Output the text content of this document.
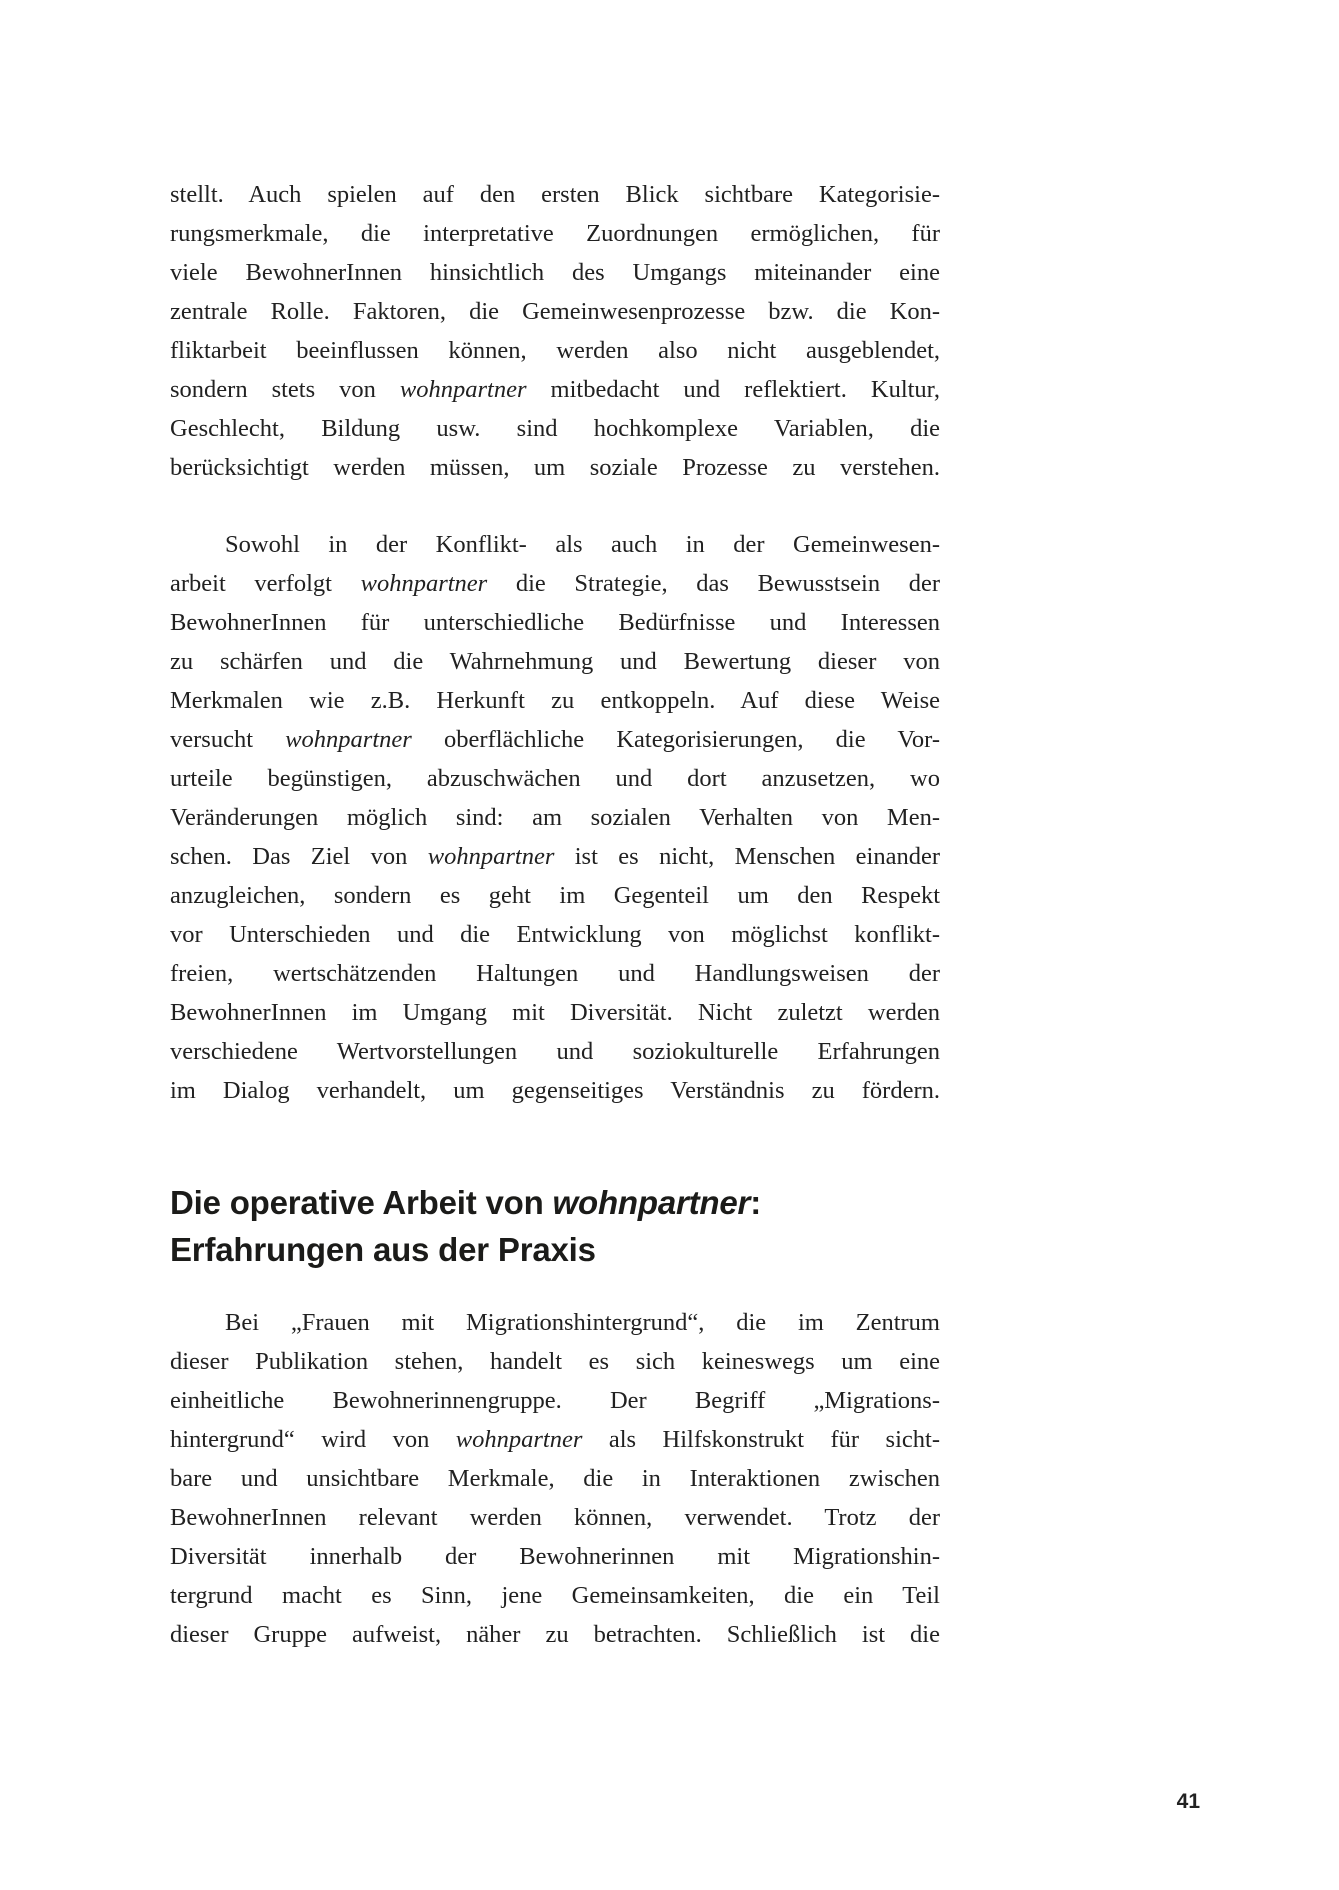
stellt. Auch spielen auf den ersten Blick sichtbare Kategorisie-
rungsmerkmale, die interpretative Zuordnungen ermöglichen, für
viele BewohnerInnen hinsichtlich des Umgangs miteinander eine
zentrale Rolle. Faktoren, die Gemeinwesenprozesse bzw. die Kon-
fliktarbeit beeinflussen können, werden also nicht ausgeblendet,
sondern stets von wohnpartner mitbedacht und reflektiert. Kultur,
Geschlecht, Bildung usw. sind hochkomplexe Variablen, die
berücksichtigt werden müssen, um soziale Prozesse zu verstehen.
Sowohl in der Konflikt- als auch in der Gemeinwesen-
arbeit verfolgt wohnpartner die Strategie, das Bewusstsein der
BewohnerInnen für unterschiedliche Bedürfnisse und Interessen
zu schärfen und die Wahrnehmung und Bewertung dieser von
Merkmalen wie z.B. Herkunft zu entkoppeln. Auf diese Weise
versucht wohnpartner oberflächliche Kategorisierungen, die Vor-
urteile begünstigen, abzuschwächen und dort anzusetzen, wo
Veränderungen möglich sind: am sozialen Verhalten von Men-
schen. Das Ziel von wohnpartner ist es nicht, Menschen einander
anzugleichen, sondern es geht im Gegenteil um den Respekt
vor Unterschieden und die Entwicklung von möglichst konflikt-
freien, wertschätzenden Haltungen und Handlungsweisen der
BewohnerInnen im Umgang mit Diversität. Nicht zuletzt werden
verschiedene Wertvorstellungen und soziokulturelle Erfahrungen
im Dialog verhandelt, um gegenseitiges Verständnis zu fördern.
Die operative Arbeit von wohnpartner:
Erfahrungen aus der Praxis
Bei „Frauen mit Migrationshintergrund“, die im Zentrum
dieser Publikation stehen, handelt es sich keineswegs um eine
einheitliche Bewohnerinnengruppe. Der Begriff „Migrations-
hintergrund“ wird von wohnpartner als Hilfskonstrukt für sicht-
bare und unsichtbare Merkmale, die in Interaktionen zwischen
BewohnerInnen relevant werden können, verwendet. Trotz der
Diversität innerhalb der Bewohnerinnen mit Migrationshin-
tergrund macht es Sinn, jene Gemeinsamkeiten, die ein Teil
dieser Gruppe aufweist, näher zu betrachten. Schließlich ist die
41
